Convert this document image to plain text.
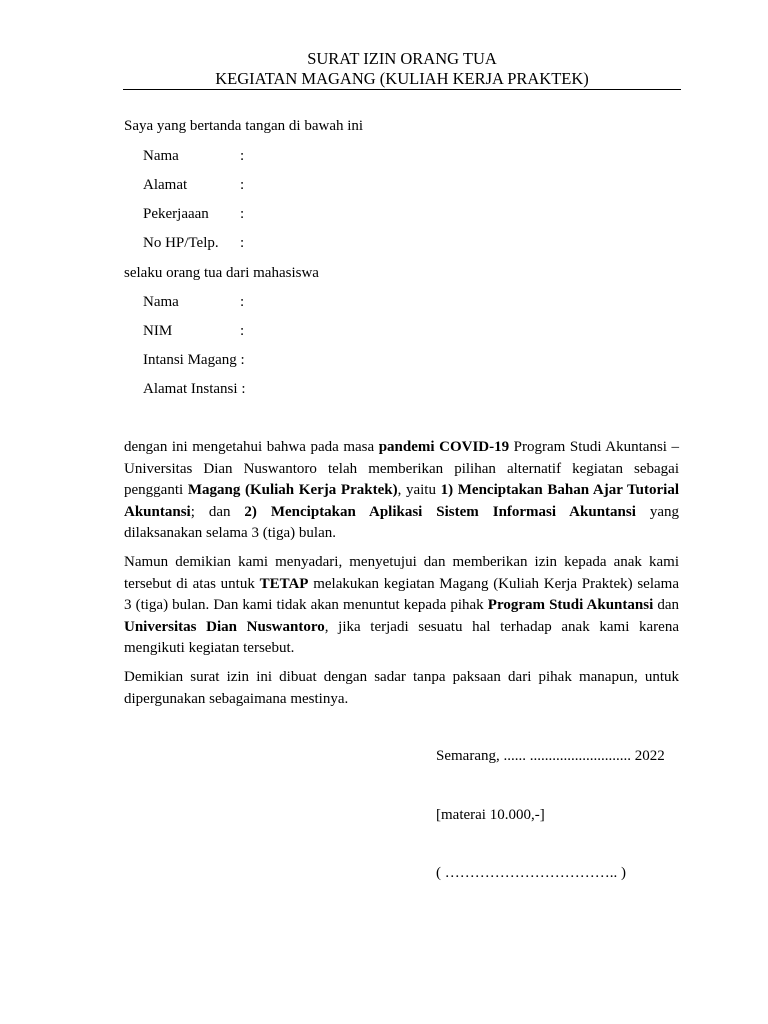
SURAT IZIN ORANG TUA
KEGIATAN MAGANG (KULIAH KERJA PRAKTEK)
Saya yang bertanda tangan di bawah ini
Nama	:
Alamat	:
Pekerjaaan :
No HP/Telp. :
selaku orang tua dari mahasiswa
Nama	:
NIM	:
Intansi Magang :
Alamat Instansi :
dengan ini mengetahui bahwa pada masa pandemi COVID-19 Program Studi Akuntansi – Universitas Dian Nuswantoro telah memberikan pilihan alternatif kegiatan sebagai pengganti Magang (Kuliah Kerja Praktek), yaitu 1) Menciptakan Bahan Ajar Tutorial Akuntansi; dan 2) Menciptakan Aplikasi Sistem Informasi Akuntansi yang dilaksanakan selama 3 (tiga) bulan.
Namun demikian kami menyadari, menyetujui dan memberikan izin kepada anak kami tersebut di atas untuk TETAP melakukan kegiatan Magang (Kuliah Kerja Praktek) selama 3 (tiga) bulan. Dan kami tidak akan menuntut kepada pihak Program Studi Akuntansi dan Universitas Dian Nuswantoro, jika terjadi sesuatu hal terhadap anak kami karena mengikuti kegiatan tersebut.
Demikian surat izin ini dibuat dengan sadar tanpa paksaan dari pihak manapun, untuk dipergunakan sebagaimana mestinya.
Semarang, ...... ........................... 2022
[materai 10.000,-]
( …………………………….. )
